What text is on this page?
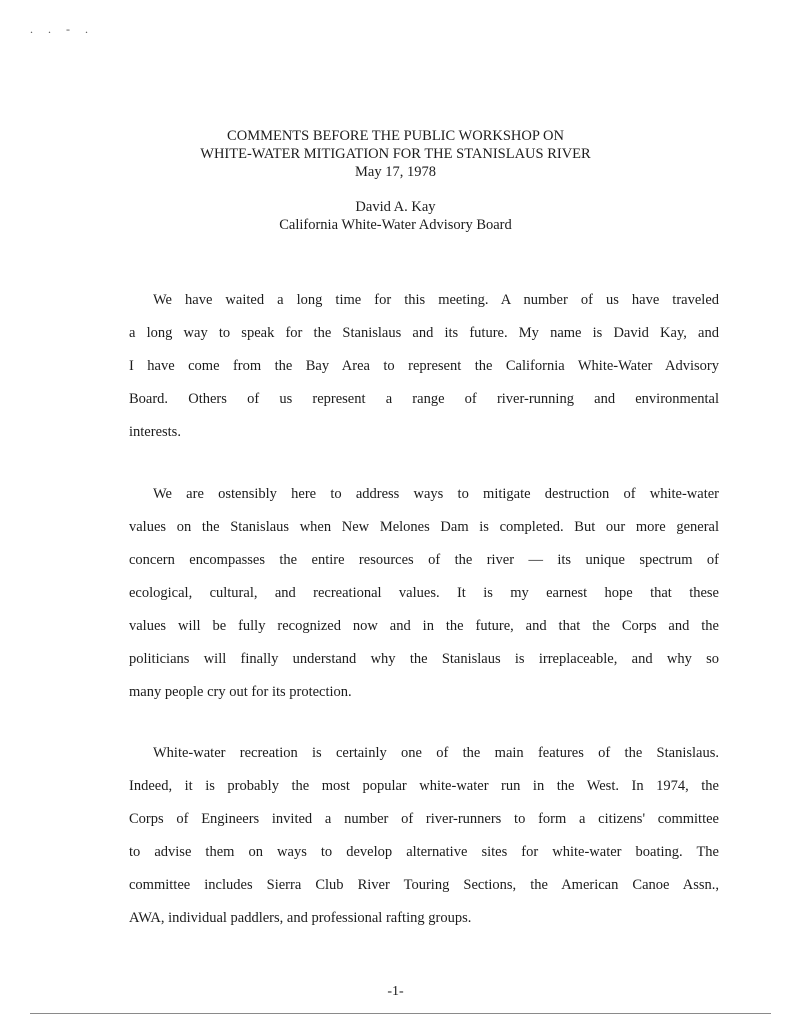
. . - .
COMMENTS BEFORE THE PUBLIC WORKSHOP ON
WHITE-WATER MITIGATION FOR THE STANISLAUS RIVER
May 17, 1978
David A. Kay
California White-Water Advisory Board
We have waited a long time for this meeting. A number of us have traveled
a long way to speak for the Stanislaus and its future. My name is David Kay, and
I have come from the Bay Area to represent the California White-Water Advisory
Board. Others of us represent a range of river-running and environmental
interests.
We are ostensibly here to address ways to mitigate destruction of white-water
values on the Stanislaus when New Melones Dam is completed. But our more general
concern encompasses the entire resources of the river — its unique spectrum of
ecological, cultural, and recreational values. It is my earnest hope that these
values will be fully recognized now and in the future, and that the Corps and the
politicians will finally understand why the Stanislaus is irreplaceable, and why so
many people cry out for its protection.
White-water recreation is certainly one of the main features of the Stanislaus.
Indeed, it is probably the most popular white-water run in the West. In 1974, the
Corps of Engineers invited a number of river-runners to form a citizens' committee
to advise them on ways to develop alternative sites for white-water boating. The
committee includes Sierra Club River Touring Sections, the American Canoe Assn.,
AWA, individual paddlers, and professional rafting groups.
-1-
